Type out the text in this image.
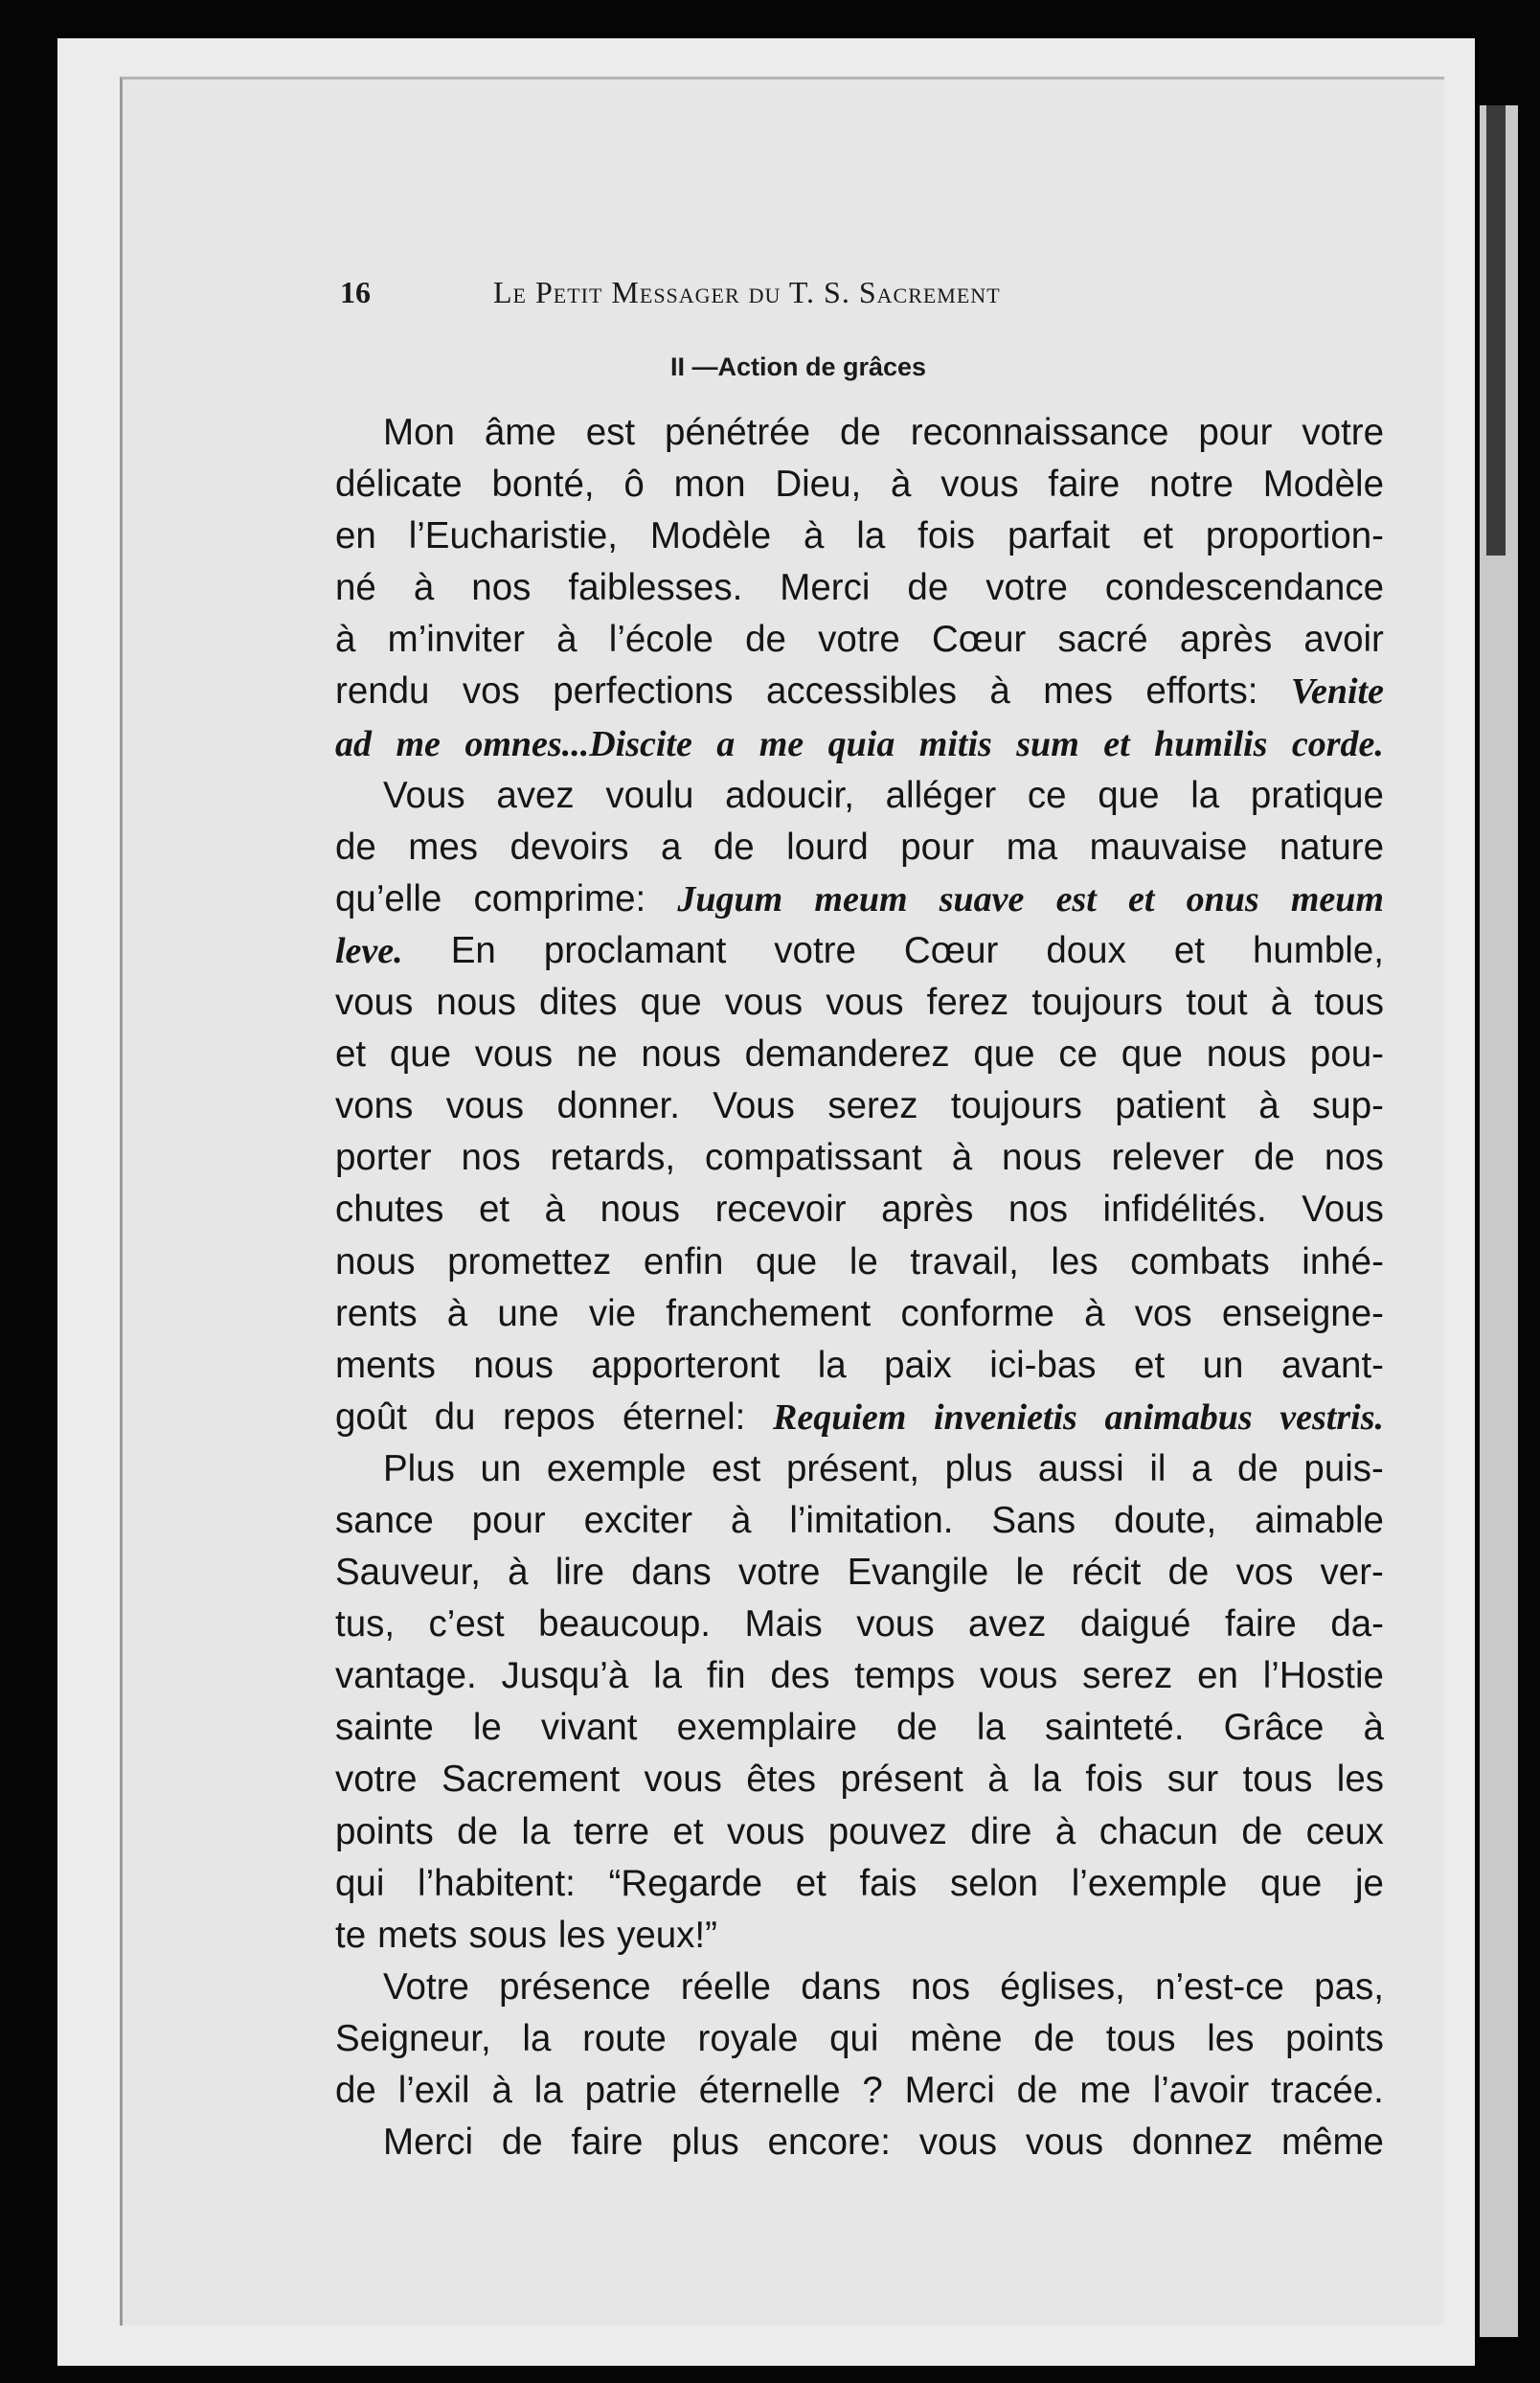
16	Le Petit Messager du T. S. Sacrement
II —Action de grâces
Mon âme est pénétrée de reconnaissance pour votre
délicate bonté, ô mon Dieu, à vous faire notre Modèle
en l’Eucharistie, Modèle à la fois parfait et proportion-
né à nos faiblesses. Merci de votre condescendance
à m’inviter à l’école de votre Cœur sacré après avoir
rendu vos perfections accessibles à mes efforts: Venite
ad me omnes...Discite a me quia mitis sum et humilis corde.
Vous avez voulu adoucir, alléger ce que la pratique
de mes devoirs a de lourd pour ma mauvaise nature
qu’elle comprime: Jugum meum suave est et onus meum
leve. En proclamant votre Cœur doux et humble,
vous nous dites que vous vous ferez toujours tout à tous
et que vous ne nous demanderez que ce que nous pou-
vons vous donner. Vous serez toujours patient à sup-
porter nos retards, compatissant à nous relever de nos
chutes et à nous recevoir après nos infidélités. Vous
nous promettez enfin que le travail, les combats inhé-
rents à une vie franchement conforme à vos enseigne-
ments nous apporteront la paix ici-bas et un avant-
goût du repos éternel: Requiem invenietis animabus vestris.
Plus un exemple est présent, plus aussi il a de puis-
sance pour exciter à l’imitation. Sans doute, aimable
Sauveur, à lire dans votre Evangile le récit de vos ver-
tus, c’est beaucoup. Mais vous avez daigué faire da-
vantage. Jusqu’à la fin des temps vous serez en l’Hostie
sainte le vivant exemplaire de la sainteté. Grâce à
votre Sacrement vous êtes présent à la fois sur tous les
points de la terre et vous pouvez dire à chacun de ceux
qui l’habitent: “Regarde et fais selon l’exemple que je
te mets sous les yeux!”
Votre présence réelle dans nos églises, n’est-ce pas,
Seigneur, la route royale qui mène de tous les points
de l’exil à la patrie éternelle ? Merci de me l’avoir tracée.
Merci de faire plus encore: vous vous donnez même
